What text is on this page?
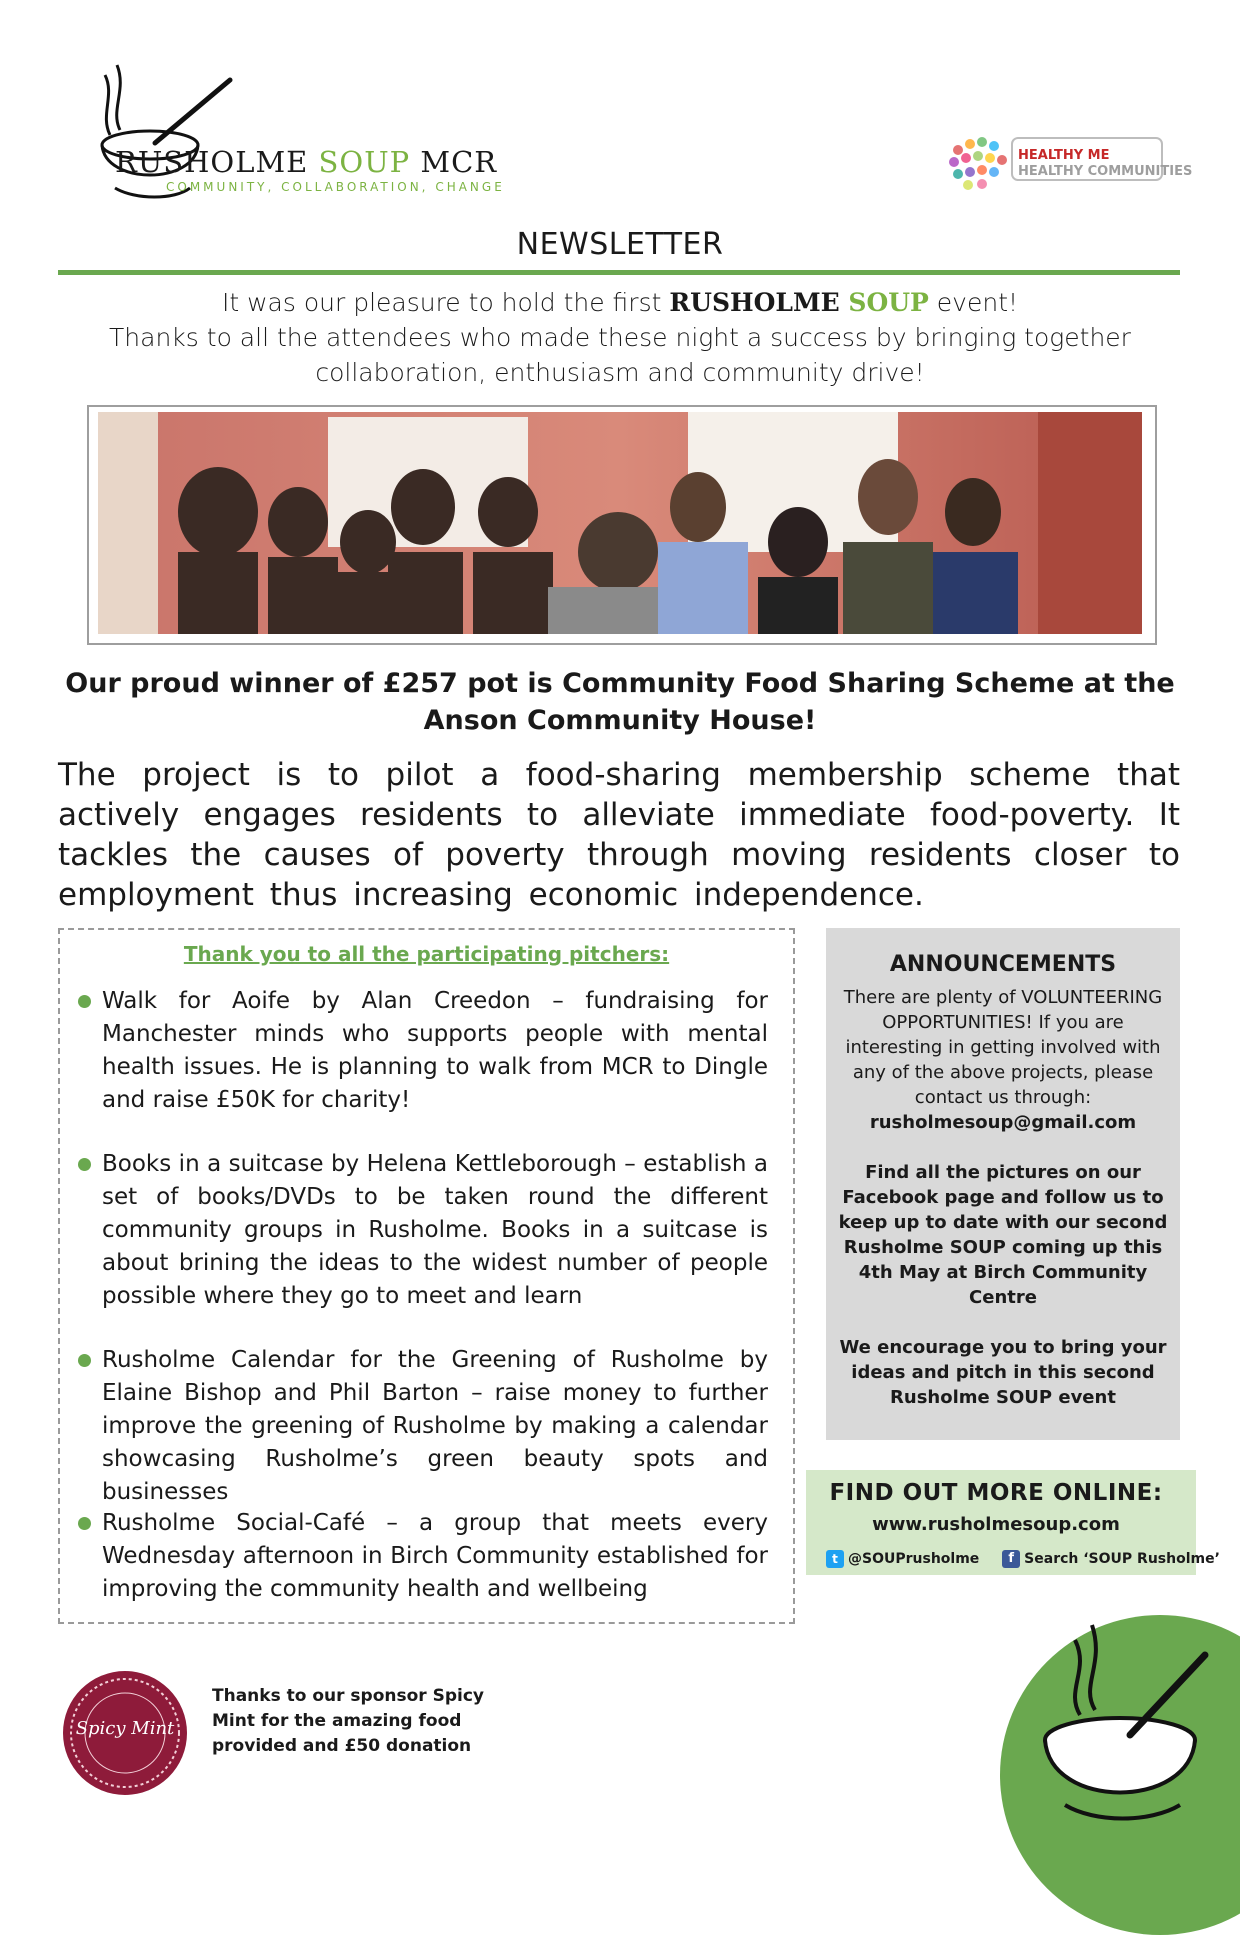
RUSHOLME SOUP MCR
COMMUNITY, COLLABORATION, CHANGE
HEALTHY ME
HEALTHY COMMUNITIES
NEWSLETTER
It was our pleasure to hold the first RUSHOLME SOUP event!
Thanks to all the attendees who made these night a success by bringing together collaboration, enthusiasm and community drive!
Our proud winner of £257 pot is Community Food Sharing Scheme at the Anson Community House!
The project is to pilot a food-sharing membership scheme that actively engages residents to alleviate immediate food-poverty. It tackles the causes of poverty through moving residents closer to employment thus increasing economic independence.
Thank you to all the participating pitchers:
Walk for Aoife by Alan Creedon – fundraising for Manchester minds who supports people with mental health issues. He is planning to walk from MCR to Dingle and raise £50K for charity!
Books in a suitcase by Helena Kettleborough – establish a set of books/DVDs to be taken round the different community groups in Rusholme. Books in a suitcase is about brining the ideas to the widest number of people possible where they go to meet and learn
Rusholme Calendar for the Greening of Rusholme by Elaine Bishop and Phil Barton – raise money to further improve the greening of Rusholme by making a calendar showcasing Rusholme’s green beauty spots and businesses
Rusholme Social-Café – a group that meets every Wednesday afternoon in Birch Community established for improving the community health and wellbeing
ANNOUNCEMENTS
There are plenty of VOLUNTEERING OPPORTUNITIES! If you are interesting in getting involved with any of the above projects, please contact us through:
rusholmesoup@gmail.com
Find all the pictures on our Facebook page and follow us to keep up to date with our second Rusholme SOUP coming up this 4th May at Birch Community Centre
We encourage you to bring your ideas and pitch in this second Rusholme SOUP event
FIND OUT MORE ONLINE:
www.rusholmesoup.com
t @SOUPrusholme f Search ‘SOUP Rusholme’
Spicy Mint
Thanks to our sponsor Spicy Mint for the amazing food provided and £50 donation
